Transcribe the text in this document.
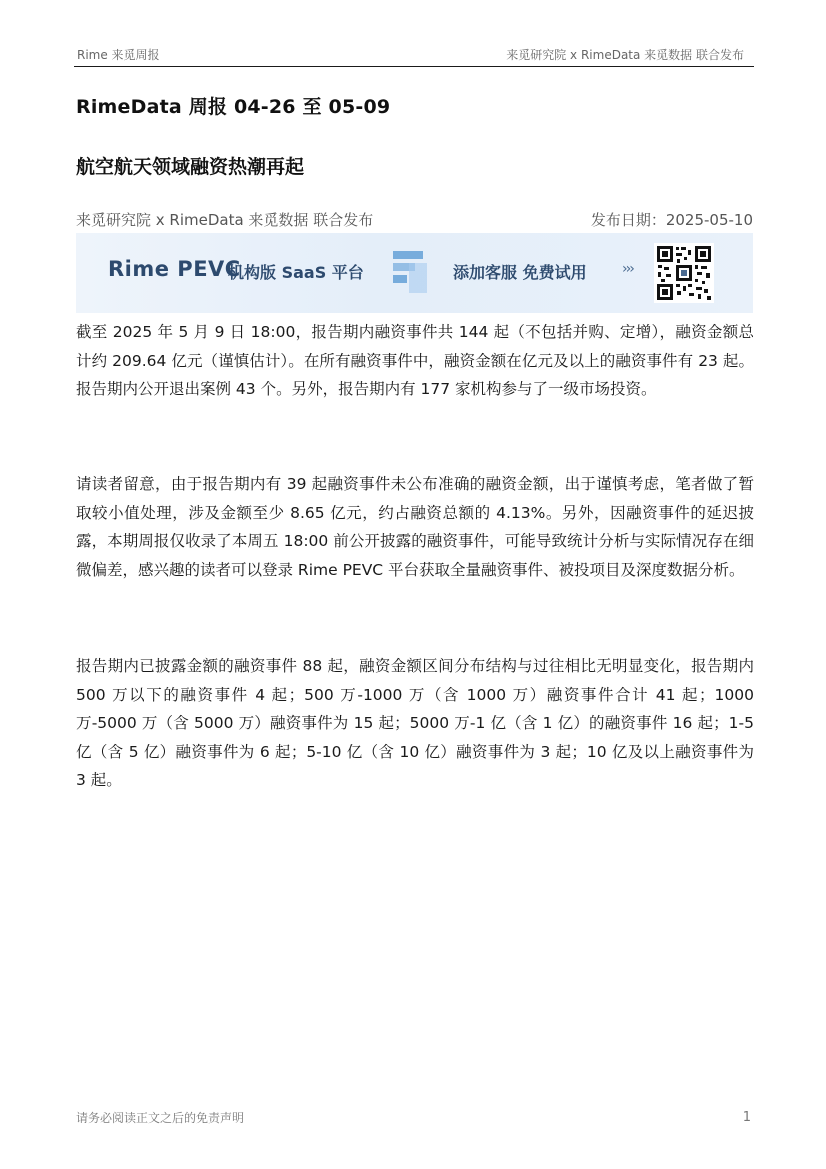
Rime 来觅周报	来觅研究院 x RimeData 来觅数据 联合发布
RimeData 周报 04-26 至 05-09
航空航天领域融资热潮再起
来觅研究院 x RimeData 来觅数据 联合发布	发布日期：2025-05-10
Rime PEVC
机构版 SaaS 平台	添加客服 免费试用	›››

截至 2025 年 5 月 9 日 18:00，报告期内融资事件共 144 起（不包括并购、定增），融资金额总计约 209.64 亿元（谨慎估计）。在所有融资事件中，融资金额在亿元及以上的融资事件有 23 起。报告期内公开退出案例 43 个。另外，报告期内有 177 家机构参与了一级市场投资。

请读者留意，由于报告期内有 39 起融资事件未公布准确的融资金额，出于谨慎考虑，笔者做了暂取较小值处理，涉及金额至少 8.65 亿元，约占融资总额的 4.13%。另外，因融资事件的延迟披露，本期周报仅收录了本周五 18:00 前公开披露的融资事件，可能导致统计分析与实际情况存在细微偏差，感兴趣的读者可以登录 Rime PEVC 平台获取全量融资事件、被投项目及深度数据分析。

报告期内已披露金额的融资事件 88 起，融资金额区间分布结构与过往相比无明显变化，报告期内 500 万以下的融资事件 4 起；500 万-1000 万（含 1000 万）融资事件合计 41 起；1000 万-5000 万（含 5000 万）融资事件为 15 起；5000 万-1 亿（含 1 亿）的融资事件 16 起；1-5 亿（含 5 亿）融资事件为 6 起；5-10 亿（含 10 亿）融资事件为 3 起；10 亿及以上融资事件为 3 起。

请务必阅读正文之后的免责声明	1
